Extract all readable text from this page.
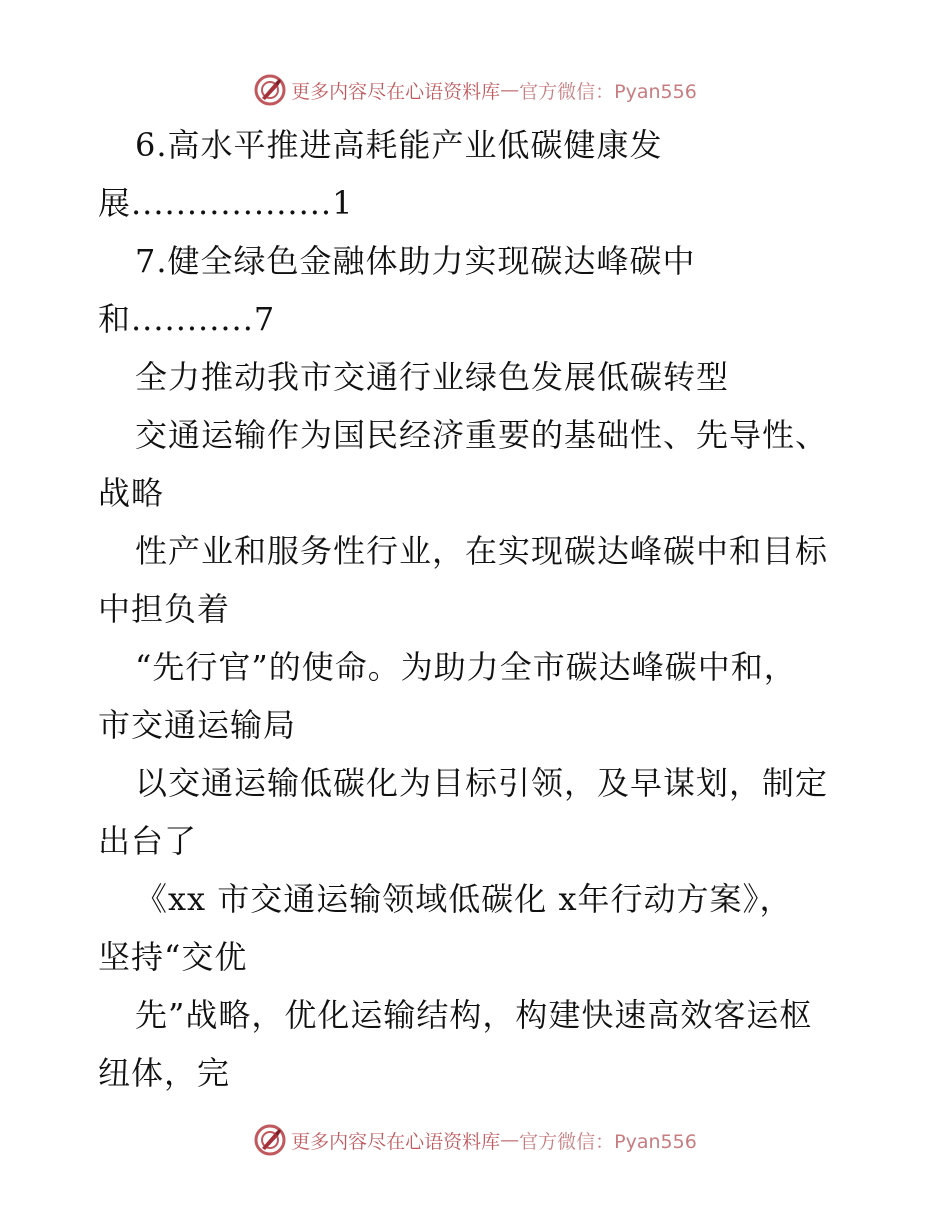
更多内容尽在心语资料库 — 官方微信：Pyan556
6.高水平推进高耗能产业低碳健康发
展..................1
7.健全绿色金融体助力实现碳达峰碳中
和...........7
全力推动我市交通行业绿色发展低碳转型
交通运输作为国民经济重要的基础性、先导性、
战略
性产业和服务性行业，在实现碳达峰碳中和目标
中担负着
“先行官”的使命。为助力全市碳达峰碳中和，
市交通运输局
以交通运输低碳化为目标引领，及早谋划，制定
出台了
《xx 市交通运输领域低碳化 x年行动方案》，
坚持“交优
先”战略，优化运输结构，构建快速高效客运枢
纽体，完
更多内容尽在心语资料库 — 官方微信：Pyan556
